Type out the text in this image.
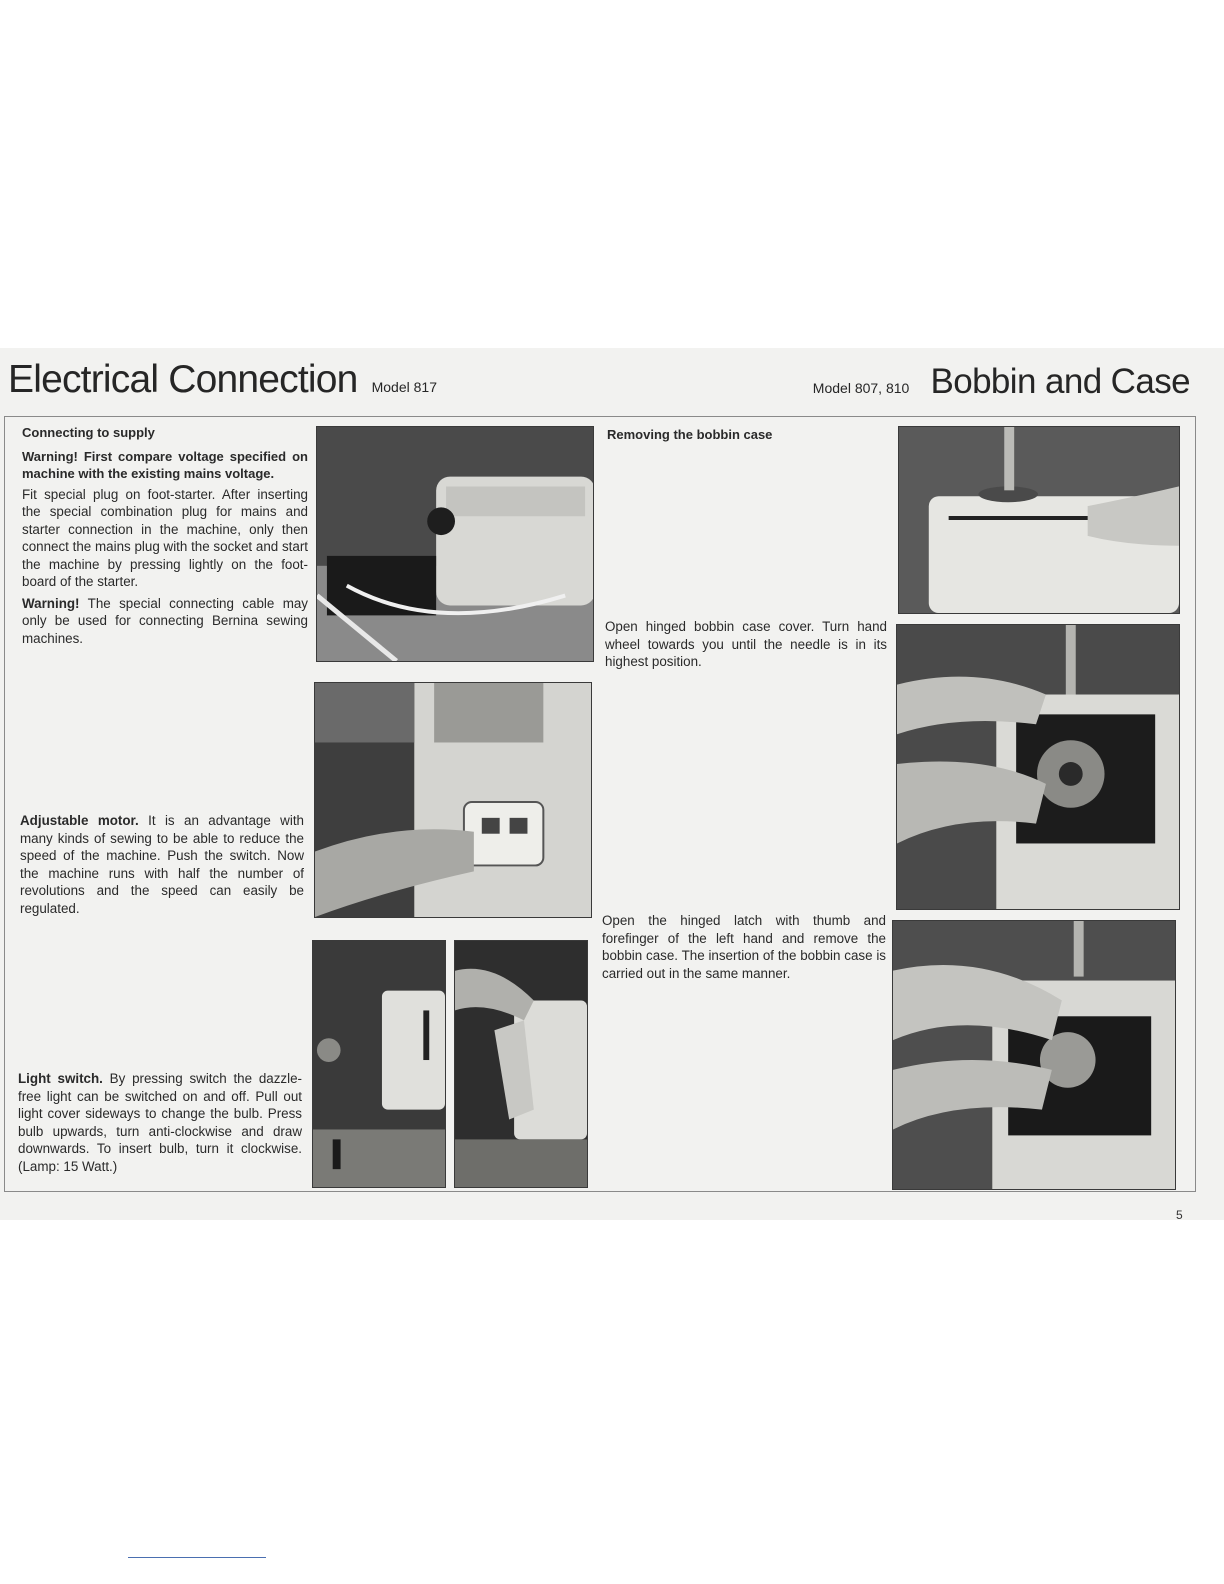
Electrical Connection Model 817	Model 807, 810 Bobbin and Case

Connecting to supply

Warning! First compare voltage specified on machine with the existing mains voltage.

Fit special plug on foot-starter. After inserting the special combination plug for mains and starter connection in the machine, only then connect the mains plug with the socket and start the machine by pressing lightly on the foot-board of the starter.

Warning! The special connecting cable may only be used for connecting Bernina sewing machines.

Adjustable motor. It is an advantage with many kinds of sewing to be able to reduce the speed of the machine. Push the switch. Now the machine runs with half the number of revolutions and the speed can easily be regulated.

Light switch. By pressing switch the dazzle-free light can be switched on and off. Pull out light cover sideways to change the bulb. Press bulb upwards, turn anti-clockwise and draw downwards. To insert bulb, turn it clockwise. (Lamp: 15 Watt.)

Removing the bobbin case

Open hinged bobbin case cover. Turn hand wheel towards you until the needle is in its highest position.

Open the hinged latch with thumb and forefinger of the left hand and remove the bobbin case. The insertion of the bobbin case is carried out in the same manner.

5
